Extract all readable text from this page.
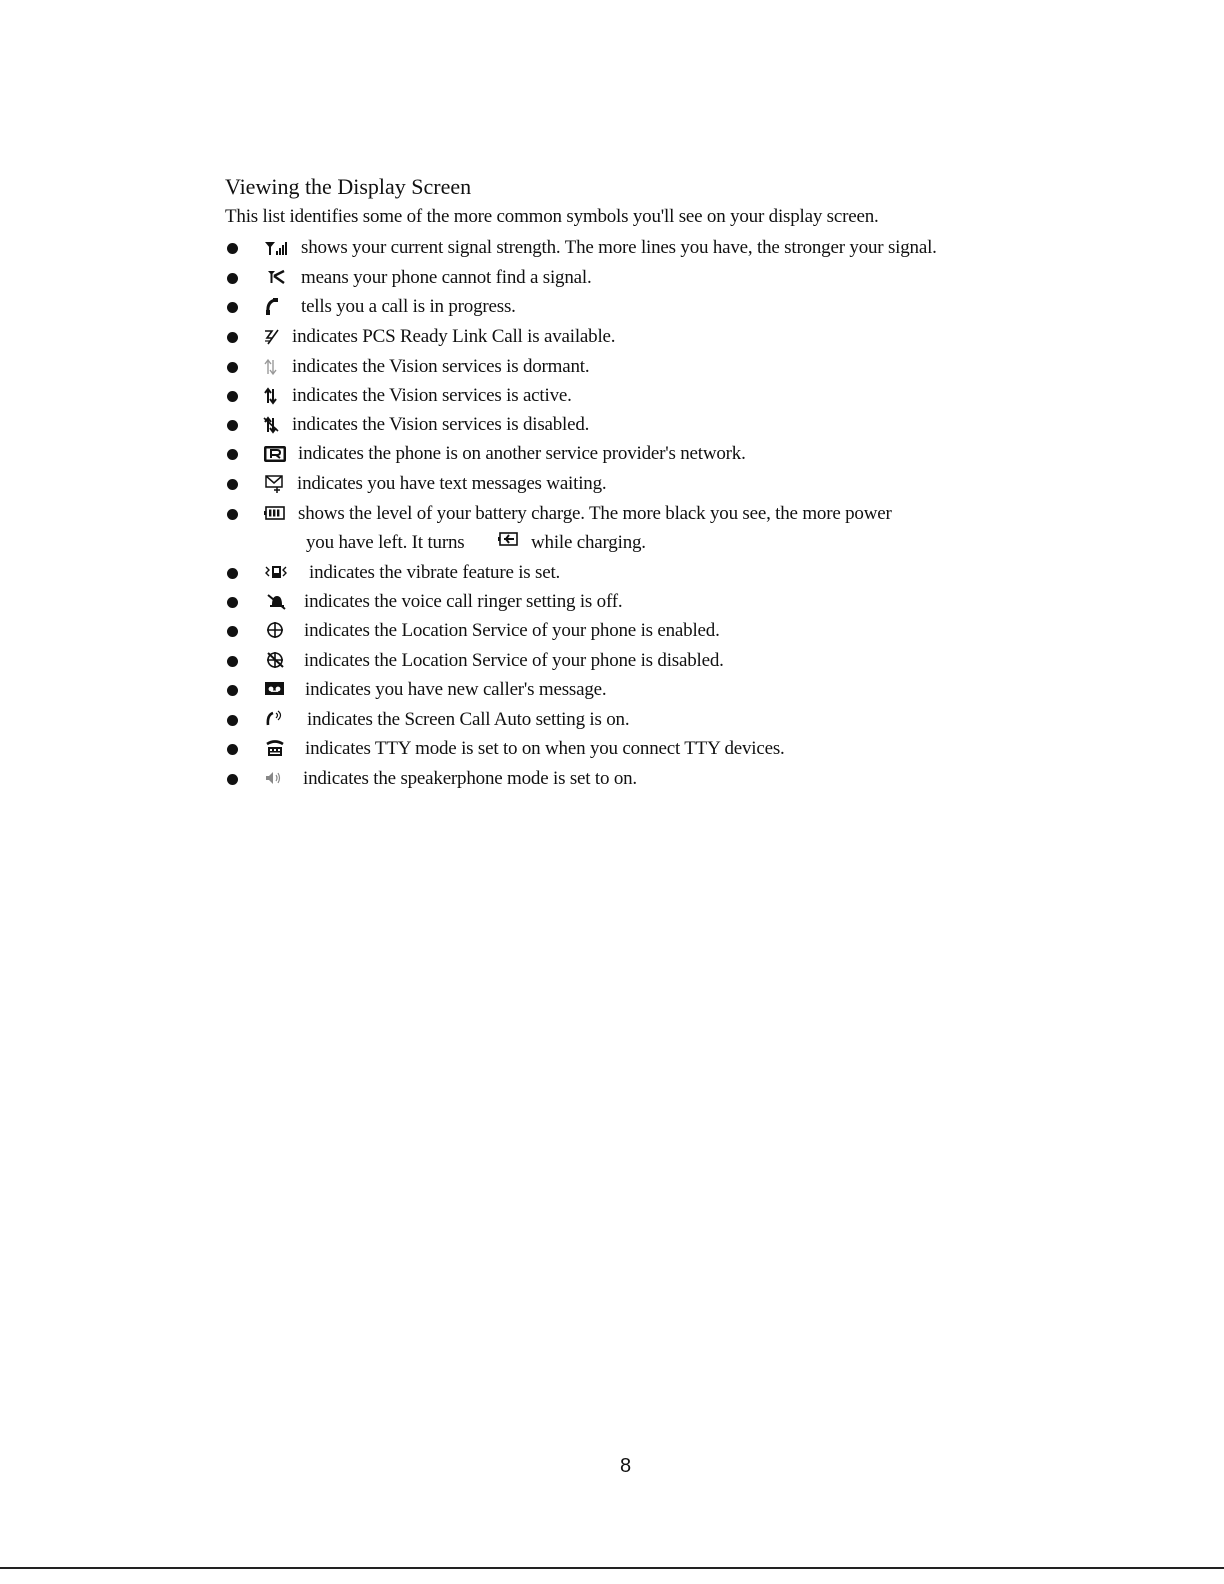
Viewing the Display Screen
This list identifies some of the more common symbols you'll see on your display screen.
shows your current signal strength. The more lines you have, the stronger your signal.
means your phone cannot find a signal.
tells you a call is in progress.
indicates PCS Ready Link Call is available.
indicates the Vision services is dormant.
indicates the Vision services is active.
indicates the Vision services is disabled.
indicates the phone is on another service provider's network.
indicates you have text messages waiting.
shows the level of your battery charge. The more black you see, the more power
you have left. It turns	while charging.
indicates the vibrate feature is set.
indicates the voice call ringer setting is off.
indicates the Location Service of your phone is enabled.
indicates the Location Service of your phone is disabled.
indicates you have new caller's message.
indicates the Screen Call Auto setting is on.
indicates TTY mode is set to on when you connect TTY devices.
indicates the speakerphone mode is set to on.
8
